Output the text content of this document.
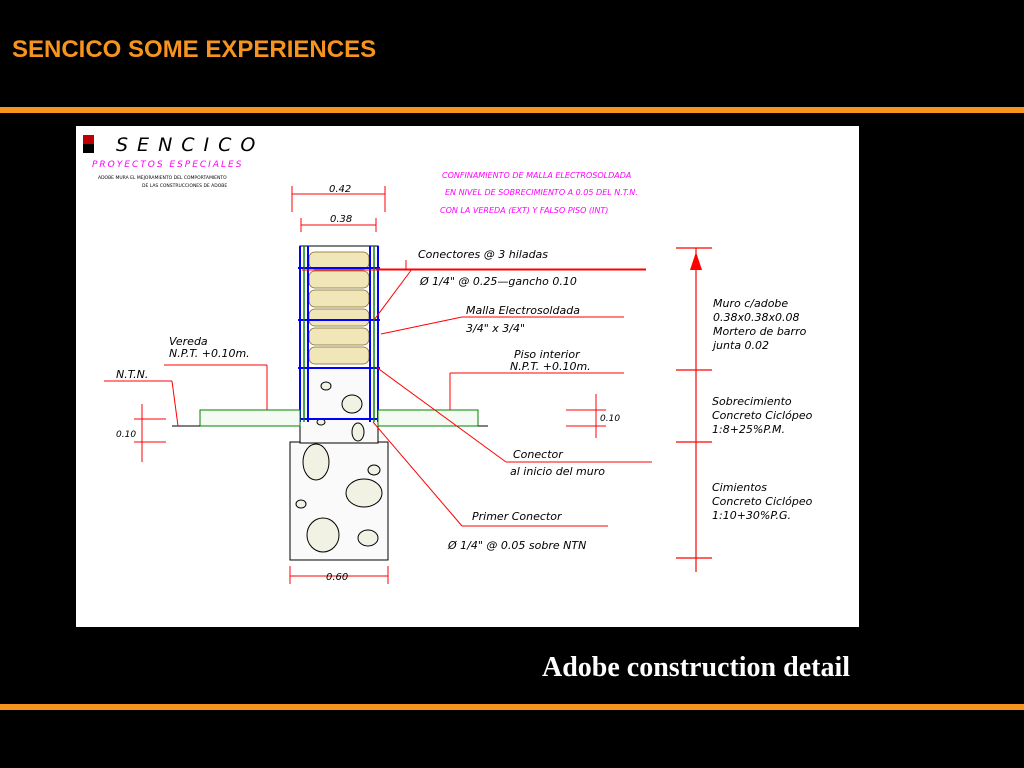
SENCICO SOME EXPERIENCES
SENCICO
PROYECTOS ESPECIALES
ADOBE MURA EL MEJORAMIENTO DEL COMPORTAMIENTO
DE LAS CONSTRUCCIONES DE ADOBE
CONFINAMIENTO DE MALLA ELECTROSOLDADA
EN NIVEL DE SOBRECIMIENTO A 0.05 DEL N.T.N.
CON LA VEREDA (EXT) Y FALSO PISO (INT)
0.42
0.38
0.60
0.10
0.10
Conectores @ 3 hiladas
Ø 1/4" @ 0.25—gancho 0.10
Malla Electrosoldada
3/4" x 3/4"
Vereda
N.P.T. +0.10m.
N.T.N.
Piso interior
N.P.T. +0.10m.
Conector
al inicio del muro
Primer Conector
Ø 1/4" @ 0.05 sobre NTN
Muro c/adobe
0.38x0.38x0.08
Mortero de barro
junta 0.02
Sobrecimiento
Concreto Ciclópeo
1:8+25%P.M.
Cimientos
Concreto Ciclópeo
1:10+30%P.G.
Adobe construction detail
